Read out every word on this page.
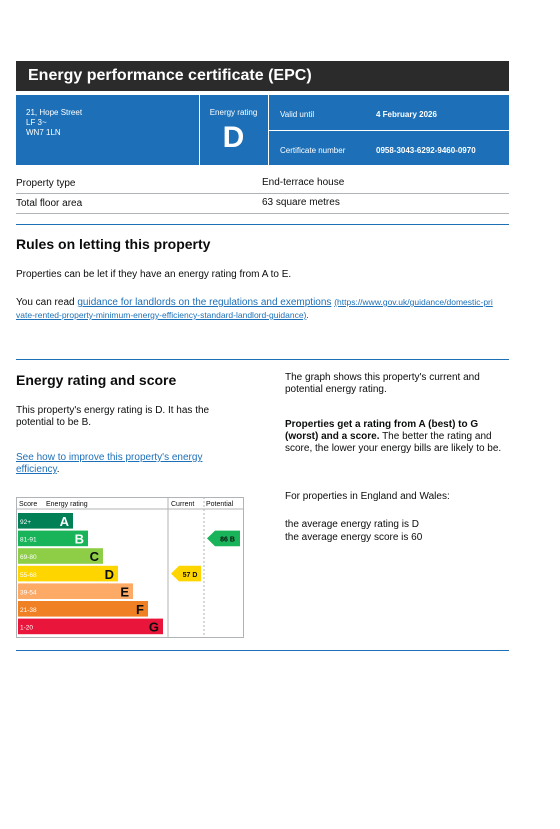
Energy performance certificate (EPC)
21, Hope Street
LF 3~
WN7 1LN
Energy rating
D
Valid until	4 February 2026
Certificate number	0958-3043-6292-9460-0970
Property type	End-terrace house
Total floor area	63 square metres
Rules on letting this property
Properties can be let if they have an energy rating from A to E.
You can read guidance for landlords on the regulations and exemptions (https://www.gov.uk/guidance/domestic-private-rented-property-minimum-energy-efficiency-standard-landlord-guidance).
Energy rating and score
This property's energy rating is D. It has the potential to be B.
See how to improve this property's energy efficiency.
The graph shows this property's current and potential energy rating.
Properties get a rating from A (best) to G (worst) and a score. The better the rating and score, the lower your energy bills are likely to be.
For properties in England and Wales:
the average energy rating is D
the average energy score is 60
Score Energy rating	Current Potential
92+ A
81-91	B
69-80	C
55-68	D
39-54	E
21-38	F
1-20	G
57 D
86 B
